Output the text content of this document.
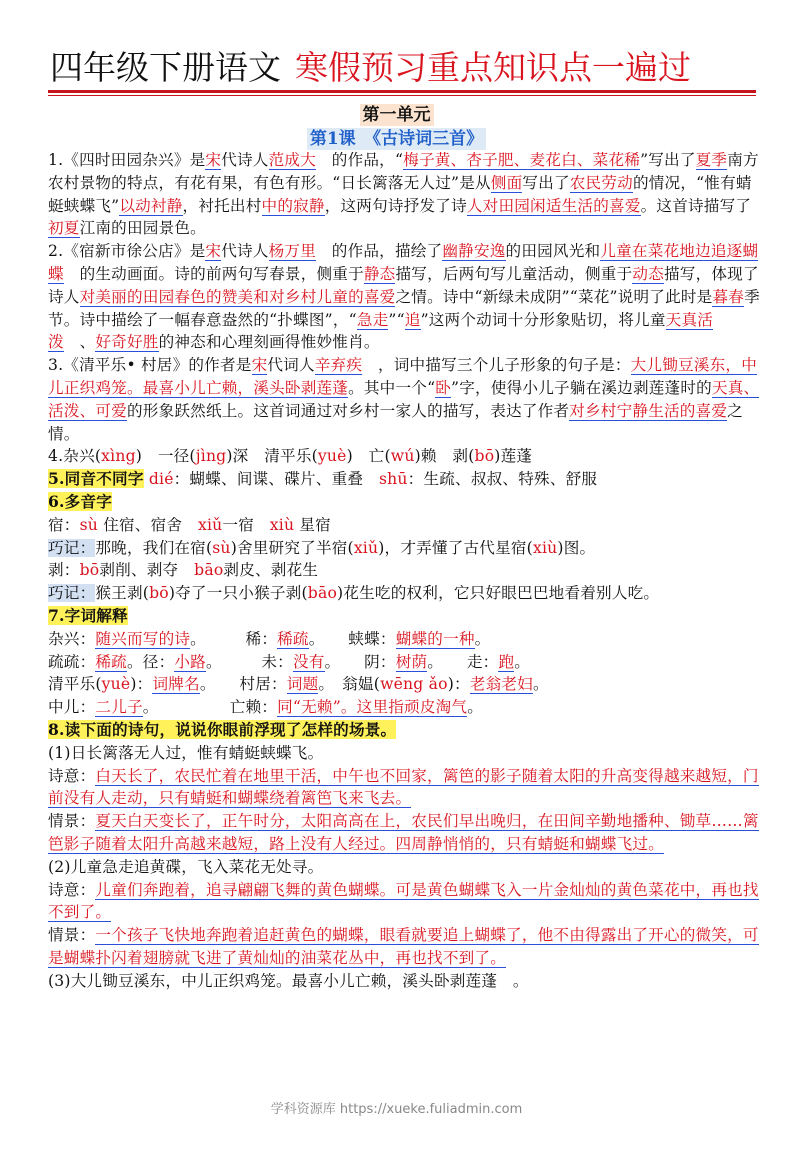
四年级下册语文 寒假预习重点知识点一遍过
第一单元
第1课　《古诗词三首》

1.《四时田园杂兴》是宋代诗人范成大　的作品，“梅子黄、杏子肥、麦花白、菜花稀”写出了夏季南方农村景物的特点，有花有果，有色有形。“日长篱落无人过”是从侧面写出了农民劳动的情况，“惟有蜻蜓蛱蝶飞”以动衬静，衬托出村中的寂静，这两句诗抒发了诗人对田园闲适生活的喜爱。这首诗描写了初夏江南的田园景色。

2.《宿新市徐公店》是宋代诗人杨万里　的作品，描绘了幽静安逸的田园风光和儿童在菜花地边追逐蝴蝶　的生动画面。诗的前两句写春景，侧重于静态描写，后两句写儿童活动，侧重于动态描写，体现了诗人对美丽的田园春色的赞美和对乡村儿童的喜爱之情。诗中“新绿未成阴”“菜花”说明了此时是暮春季节。诗中描绘了一幅春意盎然的“扑蝶图”，“急走”“追”这两个动词十分形象贴切，将儿童天真活泼　、好奇好胜的神态和心理刻画得惟妙惟肖。

3.《清平乐• 村居》的作者是宋代词人辛弃疾　，词中描写三个儿子形象的句子是：大儿锄豆溪东，中儿正织鸡笼。最喜小儿亡赖，溪头卧剥莲蓬。其中一个“卧”字，使得小儿子躺在溪边剥莲蓬时的天真、活泼、可爱的形象跃然纸上。这首词通过对乡村一家人的描写，表达了作者对乡村宁静生活的喜爱之情。

4.杂兴(xìng)　一径(jìng)深　清平乐(yuè)　亡(wú)赖　剥(bō)莲蓬

5.同音不同字 dié：蝴蝶、间谍、碟片、重叠　shū：生疏、叔叔、特殊、舒服

6.多音字

宿：sù 住宿、宿舍　xiǔ一宿　xiù 星宿

巧记：那晚，我们在宿(sù)舍里研究了半宿(xiǔ)，才弄懂了古代星宿(xiù)图。

剥：bō剥削、剥夺　bāo剥皮、剥花生

巧记：猴王剥(bō)夺了一只小猴子剥(bāo)花生吃的权利，它只好眼巴巴地看着别人吃。

7.字词解释

杂兴：随兴而写的诗。　　　稀：稀疏。　　蛱蝶：蝴蝶的一种。

疏疏：稀疏。径：小路。　　　未：没有。　　阴：树荫。　　走：跑。

清平乐(yuè)：词牌名。　　村居：词题。　翁媪(wēng ǎo)：老翁老妇。

中儿：二儿子。　　　　　亡赖：同“无赖”。这里指顽皮淘气。

8.读下面的诗句，说说你眼前浮现了怎样的场景。

(1)日长篱落无人过，惟有蜻蜓蛱蝶飞。

诗意：白天长了，农民忙着在地里干活，中午也不回家，篱笆的影子随着太阳的升高变得越来越短，门前没有人走动，只有蜻蜓和蝴蝶绕着篱笆飞来飞去。

情景：夏天白天变长了，正午时分，太阳高高在上，农民们早出晚归，在田间辛勤地播种、锄草……篱笆影子随着太阳升高越来越短，路上没有人经过。四周静悄悄的，只有蜻蜓和蝴蝶飞过。

(2)儿童急走追黄碟，飞入菜花无处寻。

诗意：儿童们奔跑着，追寻翩翩飞舞的黄色蝴蝶。可是黄色蝴蝶飞入一片金灿灿的黄色菜花中，再也找不到了。

情景：一个孩子飞快地奔跑着追赶黄色的蝴蝶，眼看就要追上蝴蝶了，他不由得露出了开心的微笑，可是蝴蝶扑闪着翅膀就飞进了黄灿灿的油菜花丛中，再也找不到了。

(3)大儿锄豆溪东，中儿正织鸡笼。最喜小儿亡赖，溪头卧剥莲蓬　。

学科资源库 https://xueke.fuliadmin.com
